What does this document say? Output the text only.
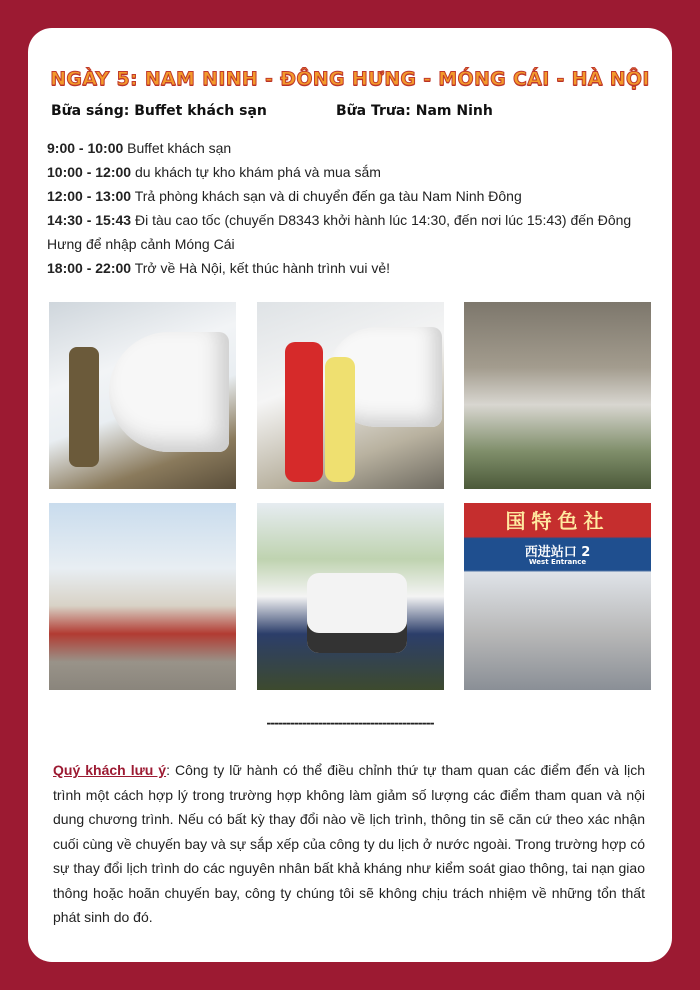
NGÀY 5: NAM NINH - ĐÔNG HƯNG - MÓNG CÁI - HÀ NỘI
Bữa sáng: Buffet khách sạn	Bữa Trưa: Nam Ninh
9:00 - 10:00 Buffet khách sạn
10:00 - 12:00 du khách tự kho khám phá và mua sắm
12:00 - 13:00 Trả phòng khách sạn và di chuyển đến ga tàu Nam Ninh Đông
14:30 - 15:43 Đi tàu cao tốc (chuyến D8343 khởi hành lúc 14:30, đến nơi lúc 15:43) đến Đông Hưng để nhập cảnh Móng Cái
18:00 - 22:00 Trở về Hà Nội, kết thúc hành trình vui vẻ!
国特色社
西进站口 2
West Entrance
------------------------------------------
Quý khách lưu ý: Công ty lữ hành có thể điều chỉnh thứ tự tham quan các điểm đến và lịch trình một cách hợp lý trong trường hợp không làm giảm số lượng các điểm tham quan và nội dung chương trình. Nếu có bất kỳ thay đổi nào về lịch trình, thông tin sẽ căn cứ theo xác nhận cuối cùng về chuyến bay và sự sắp xếp của công ty du lịch ở nước ngoài. Trong trường hợp có sự thay đổi lịch trình do các nguyên nhân bất khả kháng như kiểm soát giao thông, tai nạn giao thông hoặc hoãn chuyến bay, công ty chúng tôi sẽ không chịu trách nhiệm về những tổn thất phát sinh do đó.
